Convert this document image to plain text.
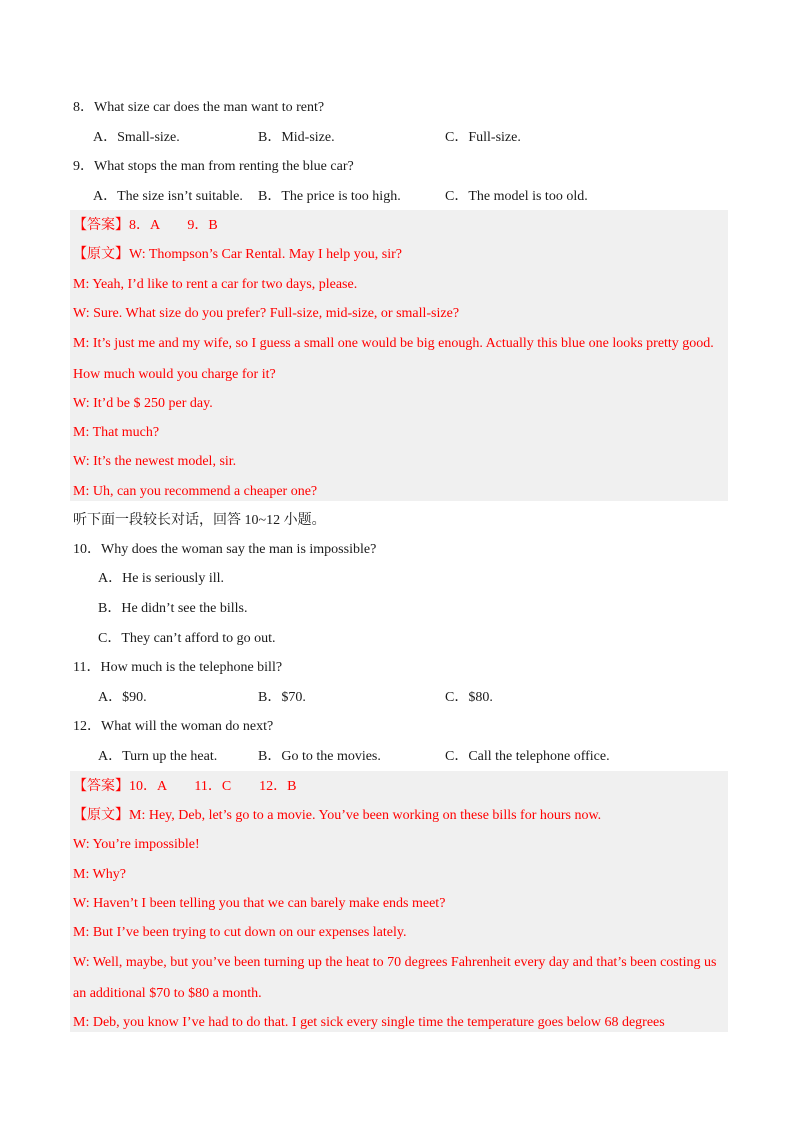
8．What size car does the man want to rent?
A．Small-size.	B．Mid-size.	C．Full-size.
9．What stops the man from renting the blue car?
A．The size isn’t suitable. B．The price is too high.	C．The model is too old.
【答案】8．A　　9．B
【原文】W: Thompson’s Car Rental. May I help you, sir?
M: Yeah, I’d like to rent a car for two days, please.
W: Sure. What size do you prefer? Full-size, mid-size, or small-size?
M: It’s just me and my wife, so I guess a small one would be big enough. Actually this blue one looks pretty good.
How much would you charge for it?
W: It’d be $ 250 per day.
M: That much?
W: It’s the newest model, sir.
M: Uh, can you recommend a cheaper one?
听下面一段较长对话，回答 10~12 小题。
10．Why does the woman say the man is impossible?
A．He is seriously ill.
B．He didn’t see the bills.
C．They can’t afford to go out.
11．How much is the telephone bill?
A．$90.	B．$70.	C．$80.
12．What will the woman do next?
A．Turn up the heat.	B．Go to the movies.	C．Call the telephone office.
【答案】10．A　　11．C　　12．B
【原文】M: Hey, Deb, let’s go to a movie. You’ve been working on these bills for hours now.
W: You’re impossible!
M: Why?
W: Haven’t I been telling you that we can barely make ends meet?
M: But I’ve been trying to cut down on our expenses lately.
W: Well, maybe, but you’ve been turning up the heat to 70 degrees Fahrenheit every day and that’s been costing us
an additional $70 to $80 a month.
M: Deb, you know I’ve had to do that. I get sick every single time the temperature goes below 68 degrees
